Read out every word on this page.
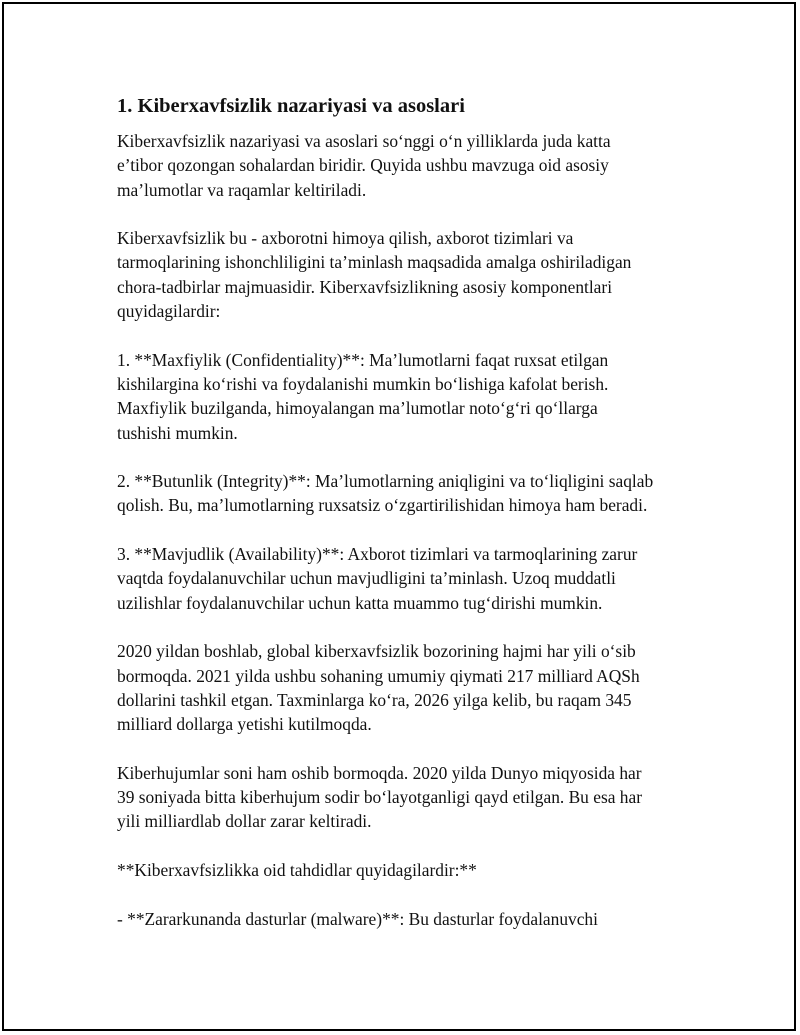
1. Kiberxavfsizlik nazariyasi va asoslari
Kiberxavfsizlik nazariyasi va asoslari so‘nggi o‘n yilliklarda juda katta
e’tibor qozongan sohalardan biridir. Quyida ushbu mavzuga oid asosiy
ma’lumotlar va raqamlar keltiriladi.
Kiberxavfsizlik bu - axborotni himoya qilish, axborot tizimlari va
tarmoqlarining ishonchliligini ta’minlash maqsadida amalga oshiriladigan
chora-tadbirlar majmuasidir. Kiberxavfsizlikning asosiy komponentlari
quyidagilardir:
1. **Maxfiylik (Confidentiality)**: Ma’lumotlarni faqat ruxsat etilgan
kishilargina ko‘rishi va foydalanishi mumkin bo‘lishiga kafolat berish.
Maxfiylik buzilganda, himoyalangan ma’lumotlar noto‘g‘ri qo‘llarga
tushishi mumkin.
2. **Butunlik (Integrity)**: Ma’lumotlarning aniqligini va to‘liqligini saqlab
qolish. Bu, ma’lumotlarning ruxsatsiz o‘zgartirilishidan himoya ham beradi.
3. **Mavjudlik (Availability)**: Axborot tizimlari va tarmoqlarining zarur
vaqtda foydalanuvchilar uchun mavjudligini ta’minlash. Uzoq muddatli
uzilishlar foydalanuvchilar uchun katta muammo tug‘dirishi mumkin.
2020 yildan boshlab, global kiberxavfsizlik bozorining hajmi har yili o‘sib
bormoqda. 2021 yilda ushbu sohaning umumiy qiymati 217 milliard AQSh
dollarini tashkil etgan. Taxminlarga ko‘ra, 2026 yilga kelib, bu raqam 345
milliard dollarga yetishi kutilmoqda.
Kiberhujumlar soni ham oshib bormoqda. 2020 yilda Dunyo miqyosida har
39 soniyada bitta kiberhujum sodir bo‘layotganligi qayd etilgan. Bu esa har
yili milliardlab dollar zarar keltiradi.
**Kiberxavfsizlikka oid tahdidlar quyidagilardir:**
- **Zararkunanda dasturlar (malware)**: Bu dasturlar foydalanuvchi
